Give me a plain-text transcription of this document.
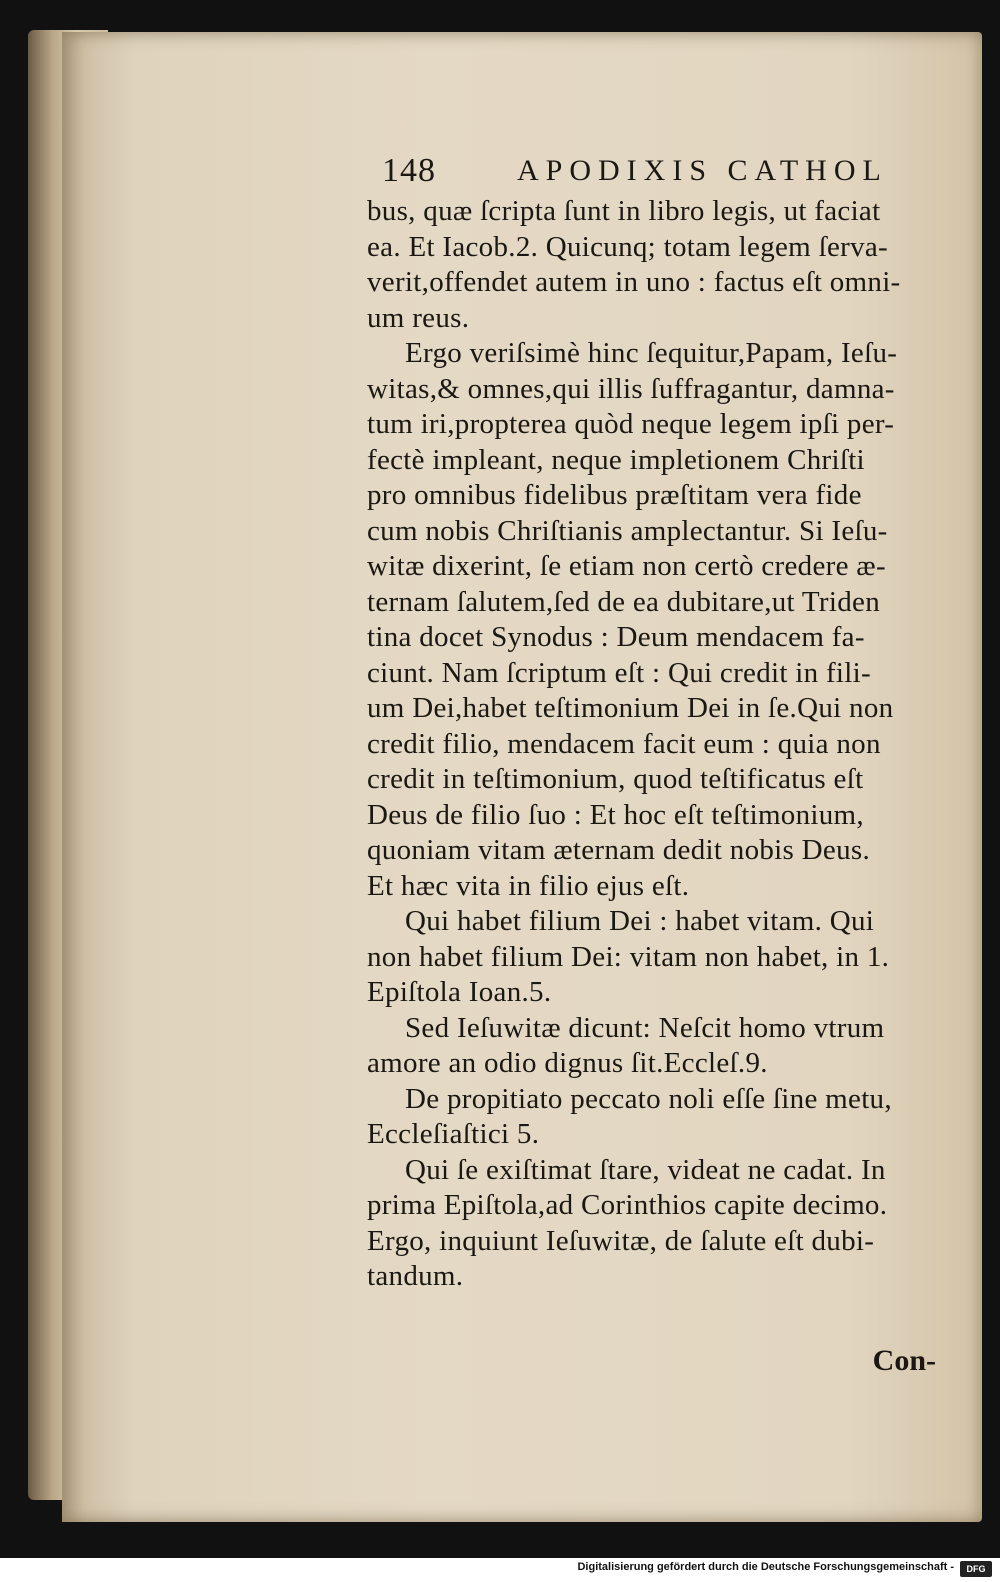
148	APODIXIS CATHOL
bus, quæ ſcripta ſunt in libro legis, ut faciat
ea. Et Iacob.2. Quicunq; totam legem ſerva-
verit,offendet autem in uno : factus eſt omni-
um reus.
Ergo veriſsimè hinc ſequitur,Papam, Ieſu-
witas,& omnes,qui illis ſuffragantur, damna-
tum iri,propterea quòd neque legem ipſi per-
fectè impleant, neque impletionem Chriſti
pro omnibus fidelibus præſtitam vera fide
cum nobis Chriſtianis amplectantur. Si Ieſu-
witæ dixerint, ſe etiam non certò credere æ-
ternam ſalutem,ſed de ea dubitare,ut Triden
tina docet Synodus : Deum mendacem fa-
ciunt. Nam ſcriptum eſt : Qui credit in fili-
um Dei,habet teſtimonium Dei in ſe.Qui non
credit filio, mendacem facit eum : quia non
credit in teſtimonium, quod teſtificatus eſt
Deus de filio ſuo : Et hoc eſt teſtimonium,
quoniam vitam æternam dedit nobis Deus.
Et hæc vita in filio ejus eſt.
Qui habet filium Dei : habet vitam. Qui
non habet filium Dei: vitam non habet, in 1.
Epiſtola Ioan.5.
Sed Ieſuwitæ dicunt: Neſcit homo vtrum
amore an odio dignus ſit.Eccleſ.9.
De propitiato peccato noli eſſe ſine metu,
Eccleſiaſtici 5.
Qui ſe exiſtimat ſtare, videat ne cadat. In
prima Epiſtola,ad Corinthios capite decimo.
Ergo, inquiunt Ieſuwitæ, de ſalute eſt dubi-
tandum.
Con-
Digitalisierung gefördert durch die Deutsche Forschungsgemeinschaft -	DFG
